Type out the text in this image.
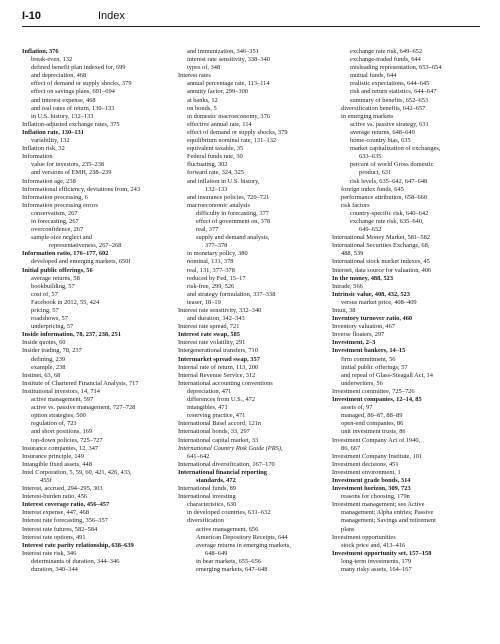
I-10	Index
Inflation, 376
break-even, 132
defined benefit plan indexed for, 699
and depreciation, 468
effect of demand or supply shocks, 379
effect on savings plans, 691–694
and interest expense, 468
and real rates of return, 130–133
in U.S. history, 132–133
Inflation-adjusted exchange rates, 375
Inflation rate, 130–131
variability, 132
Inflation risk, 32
Information
value for investors, 235–238
and versions of EMH, 238–239
Information age, 238
Informational efficiency, deviations from, 243
Information processing, 6
Information processing errors
conservatism, 267
in forecasting, 267
overconfidence, 267
sample-size neglect and
representativeness, 267–268
Information ratio, 176–177, 602
developed and emerging markets, 650f
Initial public offerings, 56
average returns, 58
bookbuilding, 57
cost of, 57
Facebook in 2012, 55, 424
pricing, 57
roadshows, 57
underpricing, 57
Inside information, 78, 237, 238, 251
Inside quotes, 60
Insider trading, 78, 237
defining, 239
example, 238
Instinet, 63, 68
Institute of Chartered Financial Analysts, 717
Institutional investors, 14, 714
active management, 597
active vs. passive management, 727–728
option strategies, 500
regulation of, 723
and short positions, 169
top-down policies, 725–727
Insurance companies, 12, 347
Insurance principle, 149
Intangible fixed assets, 448
Intel Corporation, 5, 59, 60, 421, 426, 433,
455f
Interest, accrued, 294–295, 303
Interest-burden ratio, 456
Interest coverage ratio, 456–457
Interest expense, 447, 468
Interest rate forecasting, 356–357
Interest rate futures, 582–584
Interest rate options, 491
Interest rate parity relationship, 638–639
Interest rate risk, 346
determinants of duration, 344–346
duration, 340–344
and immunization, 346–351
interest rate sensitivity, 338–340
types of, 348
Interest rates
annual percentage rate, 113–114
annuity factor, 299–300
at banks, 12
on bonds, 5
in domestic macroeconomy, 376
effective annual rate, 114
effect of demand or supply shocks, 379
equilibrium nominal rate, 131–132
equivalent taxable, 35
Federal funds rate, 30
fluctuating, 302
forward rate, 324, 325
and inflation in U.S. history,
132–133
and insurance policies, 720–721
macroeconomic analysis
difficulty in forecasting, 377
effect of government on, 378
real, 377
supply and demand analysis,
377–378
in monetary policy, 380
nominal, 131, 378
real, 131, 377–378
reduced by Fed, 15–17
risk-free, 299, 526
and strategy formulation, 337–338
teaser, 18–19
Interest rate sensitivity, 332–340
and duration, 342–343
Interest rate spread, 721
Interest rate swap, 585
Interest rate volatility, 291
Intergenerational transfers, 710
Intermarket spread swap, 357
Internal rate of return, 113, 200
Internal Revenue Service, 312
International accounting conventions
depreciation, 471
differences from U.S., 472
intangibles, 471
reserving practice, 471
International Basel accord, 121n
International bonds, 33, 297
International capital market, 33
International Country Risk Guide (PRS),
641–642
International diversification, 167–170
International financial reporting
standards, 472
International funds, 89
International investing
characteristics, 630
in developed countries, 631–632
diversification
active management, 656
American Depository Receipts, 644
average returns in emerging markets,
648–649
in bear markets, 655–656
emerging markets, 647–648
exchange rate risk, 649–652
exchange-traded funds, 644
misleading representation, 653–654
mutual funds, 644
realistic expectations, 644–645
risk and return statistics, 644–647
summary of benefits, 652–653
diversification benefits, 642–657
in emerging markets
active vs. passive strategy, 631
average returns, 648–649
home-country bias, 635
market capitalization of exchanges,
633–635
percent of world Gross domestic
product, 631
risk levels, 635–642, 647–648
foreign index funds, 645
performance attribution, 658–660
risk factors
country-specific risk, 640–642
exchange rate risk, 635–640,
649–652
International Money Market, 581–582
International Securities Exchange, 68,
488, 539
International stock market indexes, 45
Internet, data source for valuation, 406
In the money, 488, 523
Intrade, 566
Intrinsic value, 408, 432, 523
versus market price, 408–409
Intuit, 38
Inventory turnover ratio, 460
Inventory valuation, 467
Inverse floaters, 297
Investment, 2–3
Investment bankers, 14–15
firm commitment, 56
initial public offerings, 57
and repeal of Glass-Steagall Act, 14
underwriters, 56
Investment committee, 725–726
Investment companies, 12–14, 85
assets of, 97
managed, 86–87, 88–89
open-end companies, 86
unit investment trusts, 86
Investment Company Act of 1940,
86, 667
Investment Company Institute, 101
Investment decisions, 451
Investment environment, 1
Investment grade bonds, 314
Investment horizon, 309, 723
reasons for choosing, 179n
Investment management; see Active
management; Alpha entries; Passive
management; Savings and retirement
plans
Investment opportunities
stock price and, 413–416
Investment opportunity set, 157–158
long-term investments, 179
many risky assets, 164–167
